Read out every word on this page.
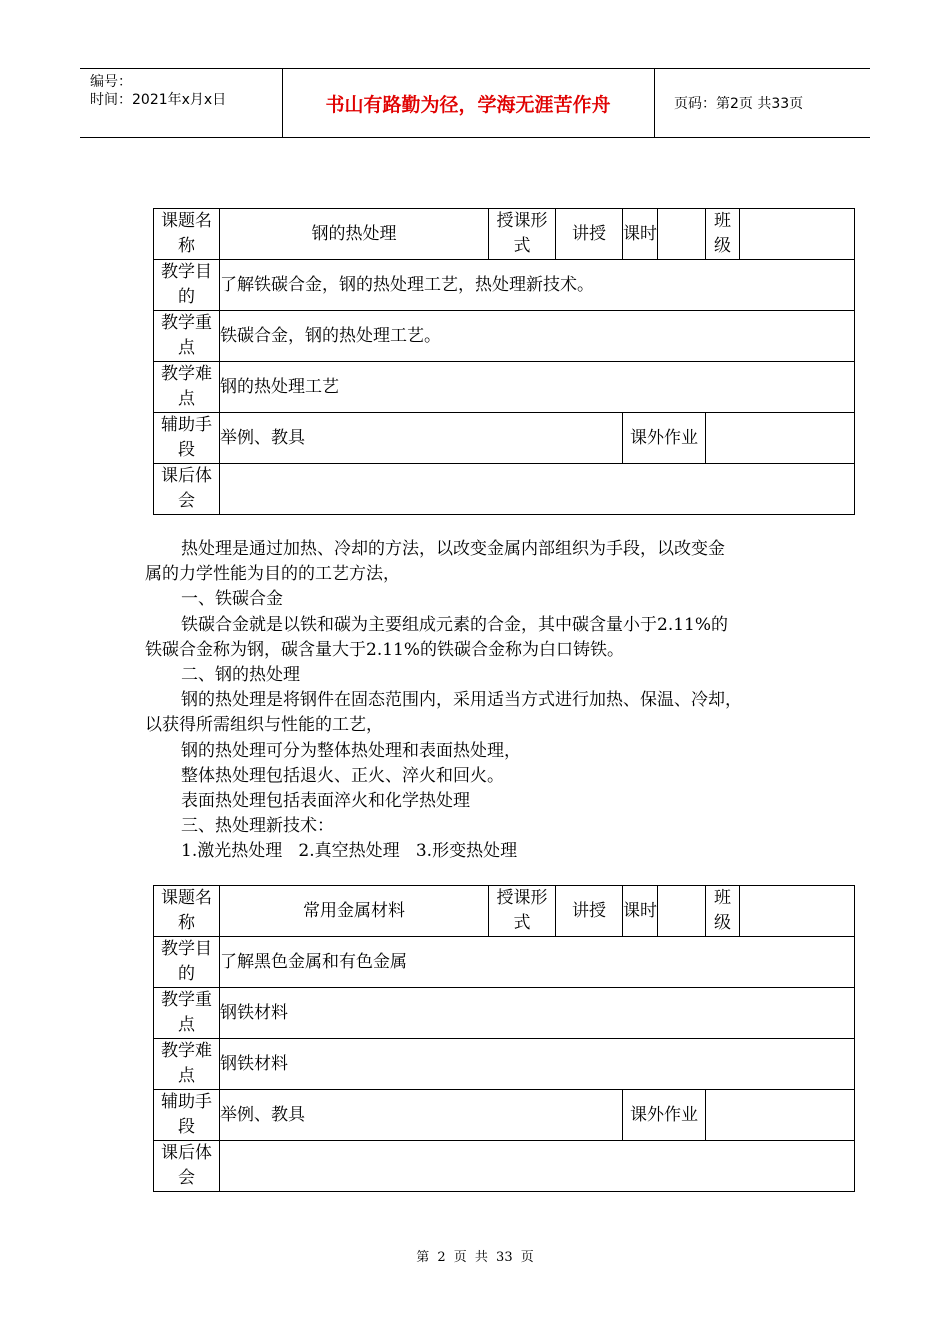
编号：
时间：2021年x月x日	书山有路勤为径，学海无涯苦作舟	页码：第2页 共33页
课题名称	钢的热处理	授课形式	讲授	课时		班级	
教学目的	了解铁碳合金，钢的热处理工艺，热处理新技术。						
教学重点	铁碳合金，钢的热处理工艺。						
教学难点	钢的热处理工艺						
辅助手段	举例、教具			课外作业			
课后体会							

热处理是通过加热、冷却的方法，以改变金属内部组织为手段，以改变金

属的力学性能为目的的工艺方法，

一、铁碳合金

铁碳合金就是以铁和碳为主要组成元素的合金，其中碳含量小于2.11%的

铁碳合金称为钢，碳含量大于2.11%的铁碳合金称为白口铸铁。

二、钢的热处理

钢的热处理是将钢件在固态范围内，采用适当方式进行加热、保温、冷却，

以获得所需组织与性能的工艺，

钢的热处理可分为整体热处理和表面热处理，

整体热处理包括退火、正火、淬火和回火。

表面热处理包括表面淬火和化学热处理

三、热处理新技术：

1.激光热处理   2.真空热处理   3.形变热处理

课题名称	常用金属材料	授课形式	讲授	课时		班级	
教学目的	了解黑色金属和有色金属						
教学重点	钢铁材料						
教学难点	钢铁材料						
辅助手段	举例、教具			课外作业			
课后体会							
第 2 页 共 33 页
